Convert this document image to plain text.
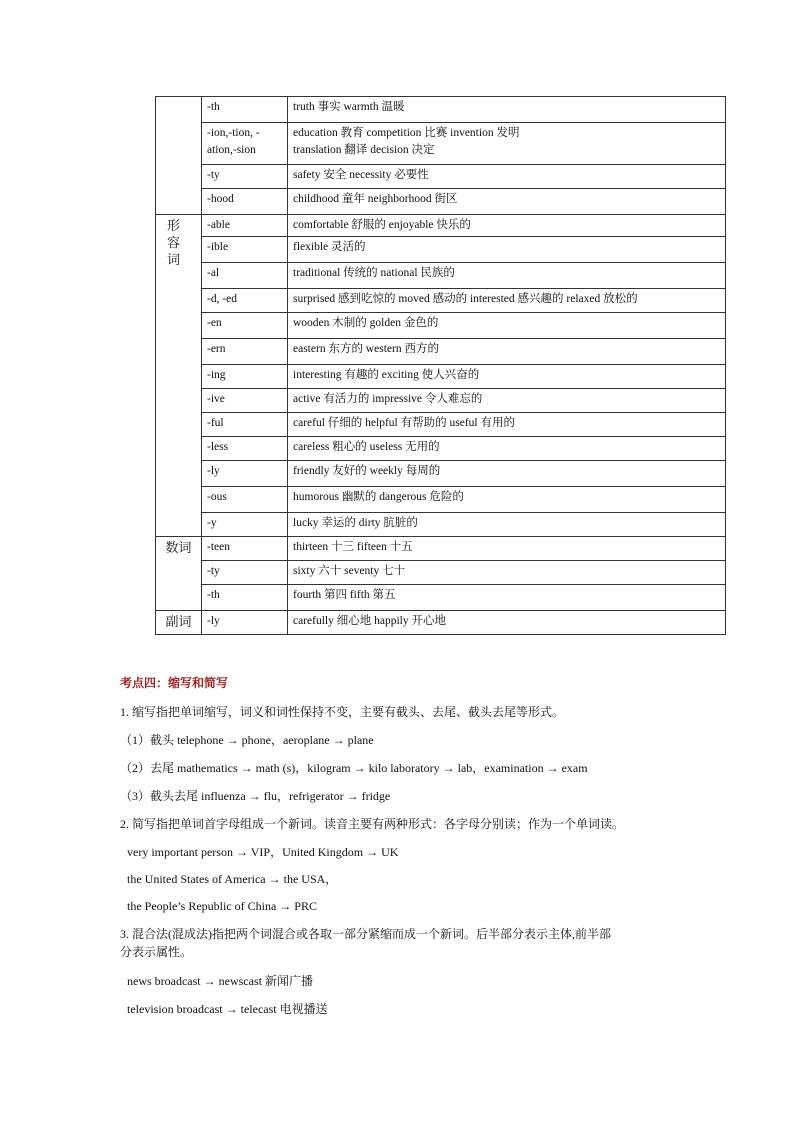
	-th	truth 事实 warmth 温暖

	-ion,-tion, -ation,-sion	education 教育 competition 比赛 invention 发明
translation 翻译 decision 决定

	-ty	safety 安全 necessity 必要性

	-hood	childhood 童年 neighborhood 街区

形 容 词	-able	comfortable 舒服的 enjoyable 快乐的

	-ible	flexible 灵活的

	-al	traditional 传统的 national 民族的

	-d, -ed	surprised 感到吃惊的 moved 感动的 interested 感兴趣的 relaxed 放松的

	-en	wooden 木制的 golden 金色的

	-ern	eastern 东方的 western 西方的

	-ing	interesting 有趣的 exciting 使人兴奋的

	-ive	active 有活力的 impressive 令人难忘的

	-ful	careful 仔细的 helpful 有帮助的 useful 有用的

	-less	careless 粗心的 useless 无用的

	-ly	friendly 友好的 weekly 每周的

	-ous	humorous 幽默的 dangerous 危险的

	-y	lucky 幸运的 dirty 肮脏的

数词	-teen	thirteen 十三 fifteen 十五

	-ty	sixty 六十 seventy 七十

	-th	fourth 第四 fifth 第五

副词	-ly	carefully 细心地 happily 开心地
考点四：缩写和简写
1. 缩写指把单词缩写，词义和词性保持不变，主要有截头、去尾、截头去尾等形式。
（1）截头 telephone → phone，aeroplane → plane
（2）去尾 mathematics → math (s)，kilogram → kilo laboratory → lab，examination → exam
（3）截头去尾 influenza → flu，refrigerator → fridge
2. 简写指把单词首字母组成一个新词。读音主要有两种形式：各字母分别读；作为一个单词读。
very important person → VIP，United Kingdom → UK
the United States of America → the USA，
the People’s Republic of China → PRC
3. 混合法(混成法)指把两个词混合或各取一部分紧缩而成一个新词。后半部分表示主体,前半部
分表示属性。
news broadcast → newscast 新闻广播
television broadcast → telecast 电视播送
